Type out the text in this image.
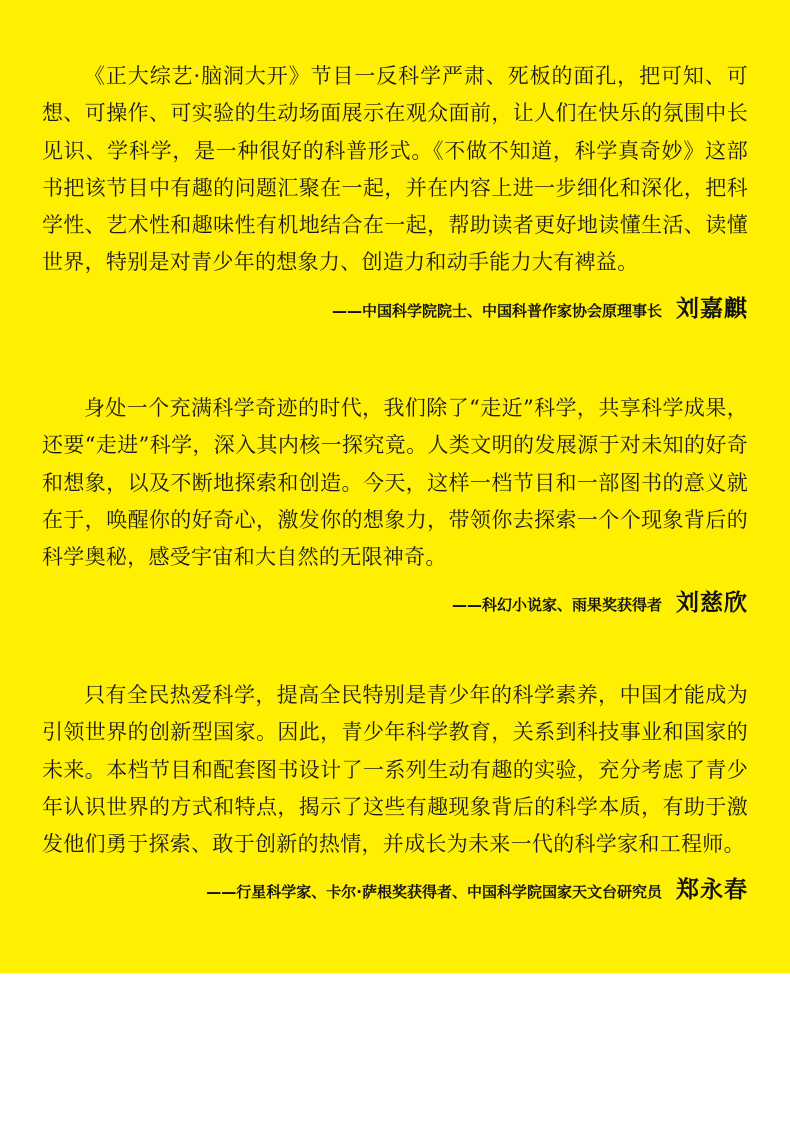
《正大综艺·脑洞大开》节目一反科学严肃、死板的面孔，把可知、可想、可操作、可实验的生动场面展示在观众面前，让人们在快乐的氛围中长见识、学科学，是一种很好的科普形式。《不做不知道，科学真奇妙》这部书把该节目中有趣的问题汇聚在一起，并在内容上进一步细化和深化，把科学性、艺术性和趣味性有机地结合在一起，帮助读者更好地读懂生活、读懂世界，特别是对青少年的想象力、创造力和动手能力大有裨益。

——中国科学院院士、中国科普作家协会原理事长 刘嘉麒

身处一个充满科学奇迹的时代，我们除了“走近”科学，共享科学成果，还要“走进”科学，深入其内核一探究竟。人类文明的发展源于对未知的好奇和想象，以及不断地探索和创造。今天，这样一档节目和一部图书的意义就在于，唤醒你的好奇心，激发你的想象力，带领你去探索一个个现象背后的科学奥秘，感受宇宙和大自然的无限神奇。

——科幻小说家、雨果奖获得者 刘慈欣

只有全民热爱科学，提高全民特别是青少年的科学素养，中国才能成为引领世界的创新型国家。因此，青少年科学教育，关系到科技事业和国家的未来。本档节目和配套图书设计了一系列生动有趣的实验，充分考虑了青少年认识世界的方式和特点，揭示了这些有趣现象背后的科学本质，有助于激发他们勇于探索、敢于创新的热情，并成长为未来一代的科学家和工程师。

——行星科学家、卡尔·萨根奖获得者、中国科学院国家天文台研究员 郑永春
